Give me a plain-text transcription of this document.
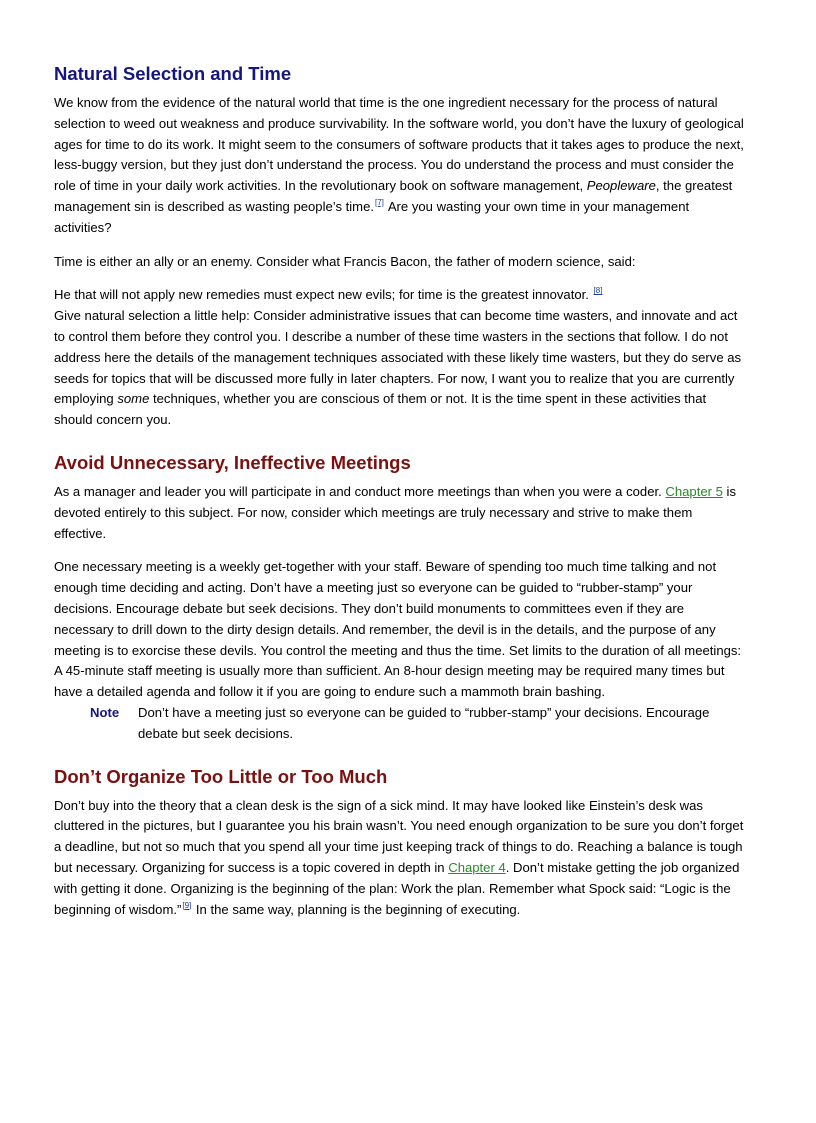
Natural Selection and Time

We know from the evidence of the natural world that time is the one ingredient necessary for the process of natural selection to weed out weakness and produce survivability. In the software world, you don’t have the luxury of geological ages for time to do its work. It might seem to the consumers of software products that it takes ages to produce the next, less-buggy version, but they just don’t understand the process. You do understand the process and must consider the role of time in your daily work activities. In the revolutionary book on software management, Peopleware, the greatest management sin is described as wasting people’s time.[7] Are you wasting your own time in your management activities?

Time is either an ally or an enemy. Consider what Francis Bacon, the father of modern science, said:

He that will not apply new remedies must expect new evils; for time is the greatest innovator. [8]

Give natural selection a little help: Consider administrative issues that can become time wasters, and innovate and act to control them before they control you. I describe a number of these time wasters in the sections that follow. I do not address here the details of the management techniques associated with these likely time wasters, but they do serve as seeds for topics that will be discussed more fully in later chapters. For now, I want you to realize that you are currently employing some techniques, whether you are conscious of them or not. It is the time spent in these activities that should concern you.

Avoid Unnecessary, Ineffective Meetings

As a manager and leader you will participate in and conduct more meetings than when you were a coder. Chapter 5 is devoted entirely to this subject. For now, consider which meetings are truly necessary and strive to make them effective.

One necessary meeting is a weekly get-together with your staff. Beware of spending too much time talking and not enough time deciding and acting. Don’t have a meeting just so everyone can be guided to “rubber-stamp” your decisions. Encourage debate but seek decisions. They don’t build monuments to committees even if they are necessary to drill down to the dirty design details. And remember, the devil is in the details, and the purpose of any meeting is to exorcise these devils. You control the meeting and thus the time. Set limits to the duration of all meetings: A 45-minute staff meeting is usually more than sufficient. An 8-hour design meeting may be required many times but have a detailed agenda and follow it if you are going to endure such a mammoth brain bashing.

Note	Don’t have a meeting just so everyone can be guided to “rubber-stamp” your decisions. Encourage debate but seek decisions.

Don’t Organize Too Little or Too Much

Don’t buy into the theory that a clean desk is the sign of a sick mind. It may have looked like Einstein’s desk was cluttered in the pictures, but I guarantee you his brain wasn’t. You need enough organization to be sure you don’t forget a deadline, but not so much that you spend all your time just keeping track of things to do. Reaching a balance is tough but necessary. Organizing for success is a topic covered in depth in Chapter 4. Don’t mistake getting the job organized with getting it done. Organizing is the beginning of the plan: Work the plan. Remember what Spock said: “Logic is the beginning of wisdom.”[9] In the same way, planning is the beginning of executing.
